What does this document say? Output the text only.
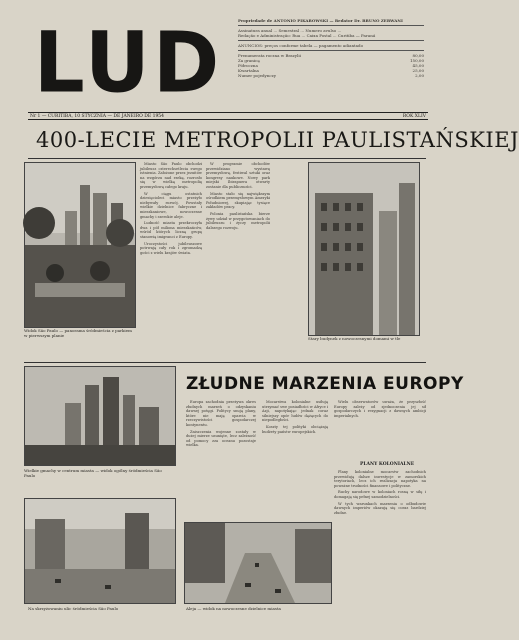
LUD	Propriedade de ANTONIO PIKAROWSKI — Redator Dr. BRUNO ZERWANI
Assinatura anual ... Semestral ... Numero avulso ...
Redação e Administração: Rua ... Caixa Postal ... Curitiba — Paraná
ANUNCIOS: preços conforme tabela — pagamento adiantado
Prenumerata roczna w Brazylii	80,00
Za granicą	150,00
Półroczna	45,00
Kwartalna	25,00
Numer pojedynczy	2,00
Nr 1 — CURITIBA, 10 STYCZNIA — DE JANEIRO DE 1954	ROK XLIV
400-LECIE METROPOLII PAULISTAŃSKIEJ
Widok São Paulo — panorama śródmieścia z parkiem w pierwszym planie

Miasto São Paulo obchodzi jubileusz czterechsetlecia swego istnienia. Założone przez jezuitów na wzgórzu nad rzeką, rozrosło się w wielką metropolię przemysłową całego kraju.

W ciągu ostatnich dziesięcioleci miasto przeżyło niebywały rozwój. Powstały wielkie dzielnice fabryczne i mieszkaniowe, nowoczesne gmachy i szerokie aleje.

Ludność miasta przekroczyła dwa i pół miliona mieszkańców, wśród których liczną grupę stanowią imigranci z Europy.

Uroczystości jubileuszowe potrwają cały rok i zgromadzą gości z wielu krajów świata.

W programie obchodów przewidziano wystawę przemysłową, festiwal sztuki oraz kongresy naukowe. Nowy park miejski Ibirapuera otwarty zostanie dla publiczności.

Miasto stało się największym ośrodkiem przemysłowym Ameryki Południowej, skupiając tysiące zakładów pracy.

Polonia paulistańska bierze żywy udział w przygotowaniach do jubileuszu i życzy metropolii dalszego rozwoju.

Stary budynek z nowoczesnymi domami w tle
Wielkie gmachy w centrum miasta — widok ogólny śródmieścia São Paulo
ZŁUDNE MARZENIA EUROPY

Europa zachodnia przeżywa okres złudnych marzeń o odzyskaniu dawnej potęgi. Politycy snują plany, które nie mają oparcia w rzeczywistości gospodarczej kontynentu.

Zniszczenia wojenne zostały w dużej mierze usunięte, lecz zależność od pomocy zza oceanu pozostaje wielka.

Mocarstwa kolonialne usiłują utrzymać swe posiadłości w Afryce i Azji, napotykając jednak coraz silniejszy opór ludów dążących do niepodległości.

Koszty tej polityki obciążają budżety państw europejskich.

Wielu obserwatorów uważa, że przyszłość Europy zależy od zjednoczenia jej sił gospodarczych i rezygnacji z dawnych ambicji imperialnych.

PLANY KOLONIALNE

Plany kolonialne mocarstw zachodnich przewidują dalsze inwestycje w zamorskich terytoriach, lecz ich realizacja napotyka na poważne trudności finansowe i polityczne.

Ruchy narodowe w koloniach rosną w siłę i domagają się pełnej samodzielności.

W tych warunkach marzenia o odbudowie dawnych imperiów okazują się coraz bardziej złudne.

Na skrzyżowaniu ulic śródmieścia São Paulo	Aleja — widok na nowoczesne dzielnice miasta
